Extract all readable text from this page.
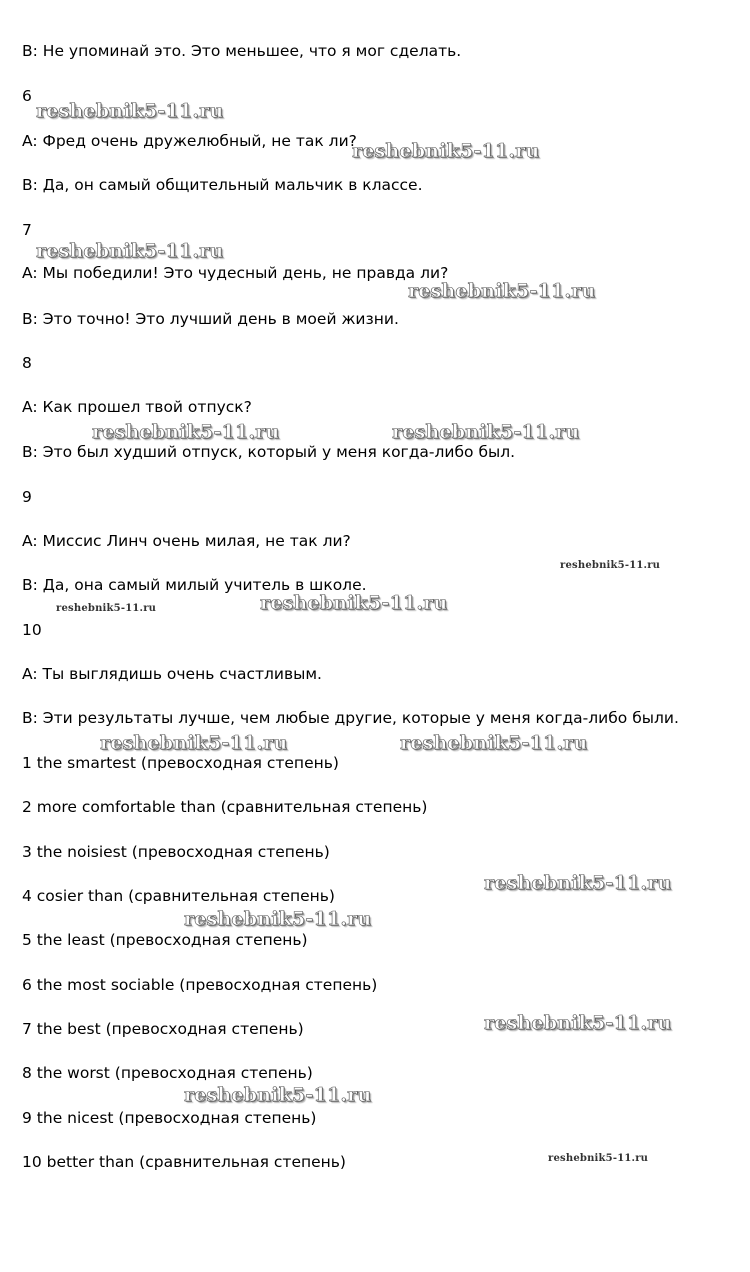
B: Не упоминай это. Это меньшее, что я мог сделать.

6

A: Фред очень дружелюбный, не так ли?

B: Да, он самый общительный мальчик в классе.

7

A: Мы победили! Это чудесный день, не правда ли?

B: Это точно! Это лучший день в моей жизни.

8

A: Как прошел твой отпуск?

B: Это был худший отпуск, который у меня когда-либо был.

9

A: Миссис Линч очень милая, не так ли?

B: Да, она самый милый учитель в школе.

10

A: Ты выглядишь очень счастливым.

B: Эти результаты лучше, чем любые другие, которые у меня когда-либо были.

1 the smartest (превосходная степень)

2 more comfortable than (сравнительная степень)

3 the noisiest (превосходная степень)

4 cosier than (сравнительная степень)

5 the least (превосходная степень)

6 the most sociable (превосходная степень)

7 the best (превосходная степень)

8 the worst (превосходная степень)

9 the nicest (превосходная степень)

10 better than (сравнительная степень)

reshebnik5-11.ru
reshebnik5-11.ru
reshebnik5-11.ru
reshebnik5-11.ru
reshebnik5-11.ru	reshebnik5-11.ru
reshebnik5-11.ru
reshebnik5-11.ru
reshebnik5-11.ru
reshebnik5-11.ru	reshebnik5-11.ru
reshebnik5-11.ru
reshebnik5-11.ru
reshebnik5-11.ru
reshebnik5-11.ru
reshebnik5-11.ru
